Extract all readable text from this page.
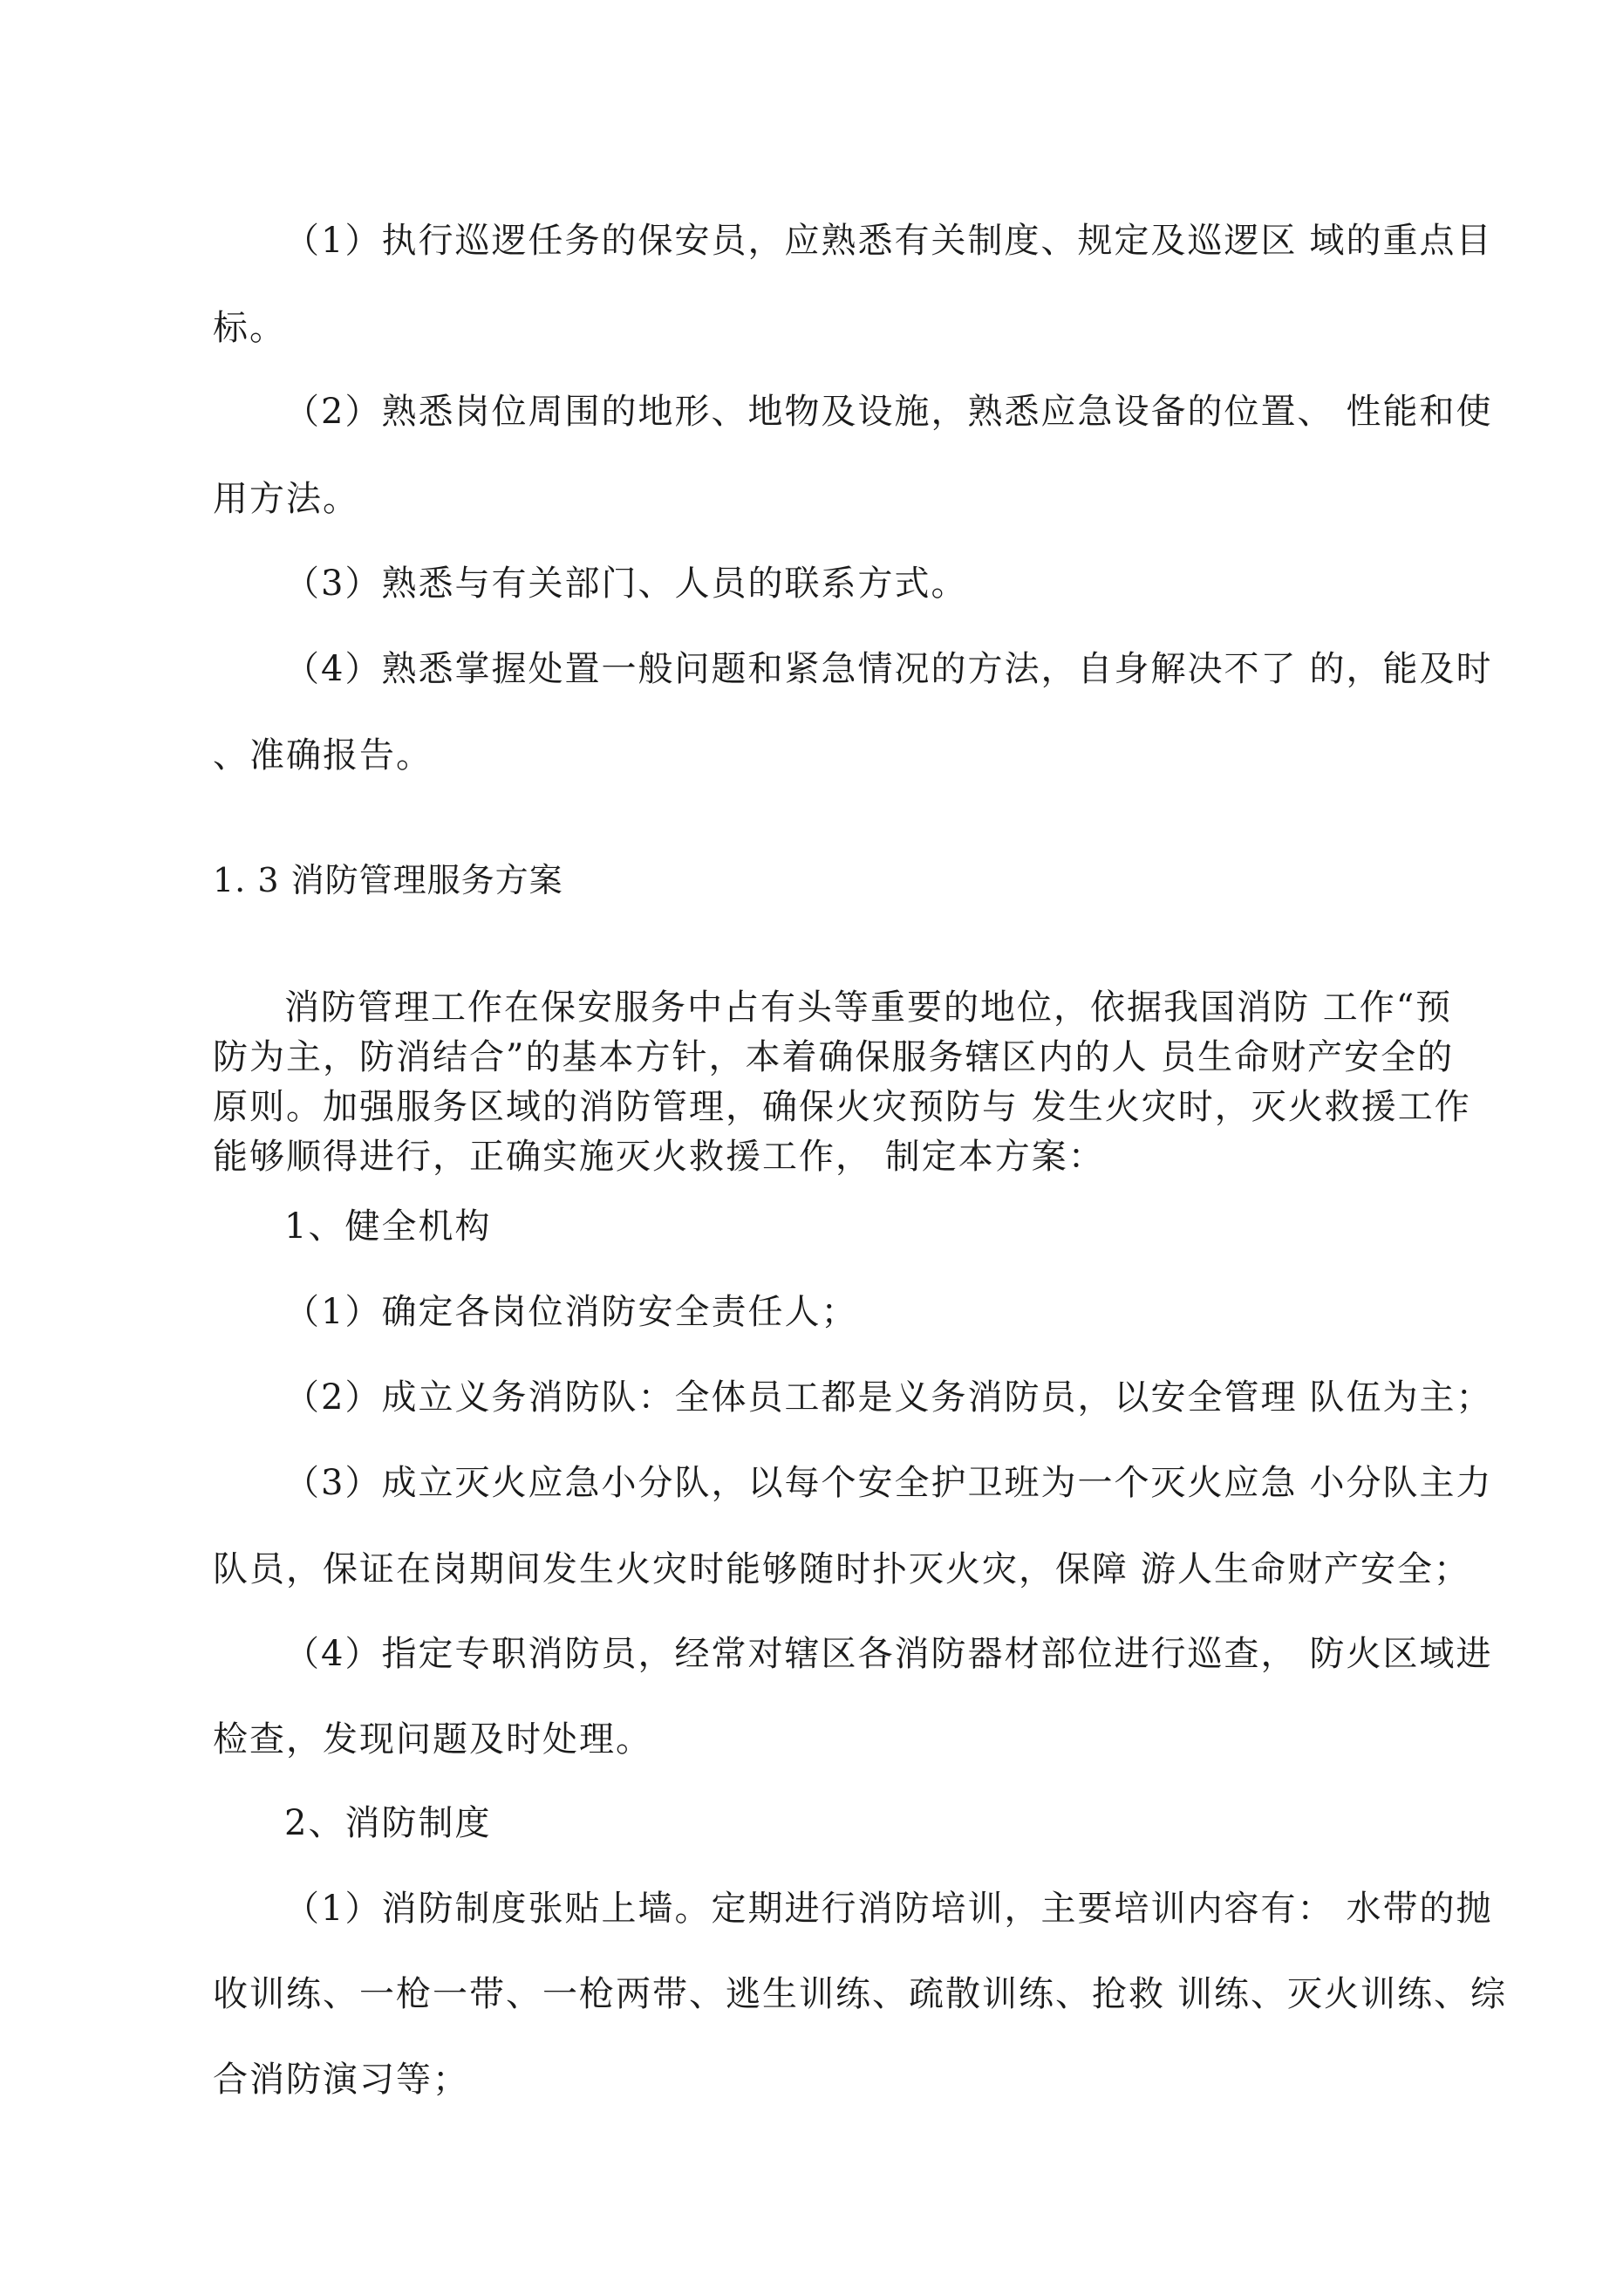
（1）执行巡逻任务的保安员，应熟悉有关制度、规定及巡逻区 域的重点目

标。

（2）熟悉岗位周围的地形、地物及设施，熟悉应急设备的位置、 性能和使

用方法。

（3）熟悉与有关部门、人员的联系方式。

（4）熟悉掌握处置一般问题和紧急情况的方法，自身解决不了 的，能及时

、准确报告。

1. 3 消防管理服务方案
消防管理工作在保安服务中占有头等重要的地位，依据我国消防 工作“预
防为主，防消结合”的基本方针，本着确保服务辖区内的人 员生命财产安全的
原则。加强服务区域的消防管理，确保火灾预防与 发生火灾时，灭火救援工作
能够顺得进行，正确实施灭火救援工作， 制定本方案：

1、健全机构

（1）确定各岗位消防安全责任人；

（2）成立义务消防队：全体员工都是义务消防员，以安全管理 队伍为主；

（3）成立灭火应急小分队，以每个安全护卫班为一个灭火应急 小分队主力

队员，保证在岗期间发生火灾时能够随时扑灭火灾，保障 游人生命财产安全；

（4）指定专职消防员，经常对辖区各消防器材部位进行巡查， 防火区域进

检查，发现问题及时处理。

2、消防制度

（1）消防制度张贴上墙。定期进行消防培训，主要培训内容有： 水带的抛

收训练、一枪一带、一枪两带、逃生训练、疏散训练、抢救 训练、灭火训练、综

合消防演习等；
